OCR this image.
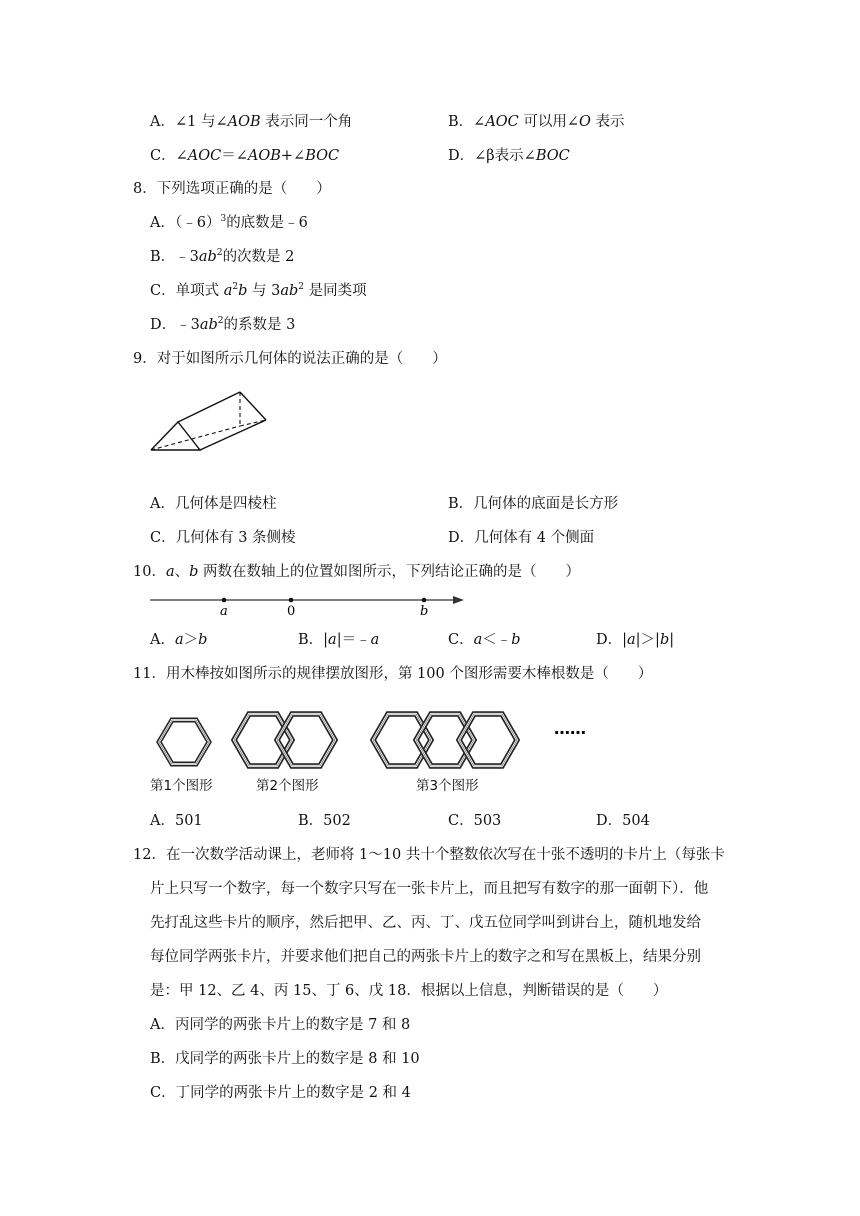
A．∠1 与∠AOB 表示同一个角	B．∠AOC 可以用∠O 表示
C．∠AOC＝∠AOB+∠BOC	D．∠β表示∠BOC
8．下列选项正确的是（　　）
A．（﹣6）$^3$的底数是﹣6
B．$﹣3ab^2$的次数是 2
C．单项式 $a^2b$ 与 $3ab^2$ 是同类项
D．$﹣3ab^2$的系数是 3
9．对于如图所示几何体的说法正确的是（　　）
A．几何体是四棱柱	B．几何体的底面是长方形
C．几何体有 3 条侧棱	D．几何体有 4 个侧面
10．a、b 两数在数轴上的位置如图所示，下列结论正确的是（　　）
a	0	b
A．a＞b	B．|a|＝﹣a	C．a＜﹣b	D．|a|＞|b|
11．用木棒按如图所示的规律摆放图形，第 100 个图形需要木棒根数是（　　）
……
第1个图形	第2个图形	第3个图形
A．501	B．502	C．503	D．504
12．在一次数学活动课上，老师将 1～10 共十个整数依次写在十张不透明的卡片上（每张卡
片上只写一个数字，每一个数字只写在一张卡片上，而且把写有数字的那一面朝下）．他
先打乱这些卡片的顺序，然后把甲、乙、丙、丁、戊五位同学叫到讲台上，随机地发给
每位同学两张卡片，并要求他们把自己的两张卡片上的数字之和写在黑板上，结果分别
是：甲 12、乙 4、丙 15、丁 6、戊 18．根据以上信息，判断错误的是（　　）
A．丙同学的两张卡片上的数字是 7 和 8
B．戊同学的两张卡片上的数字是 8 和 10
C．丁同学的两张卡片上的数字是 2 和 4
